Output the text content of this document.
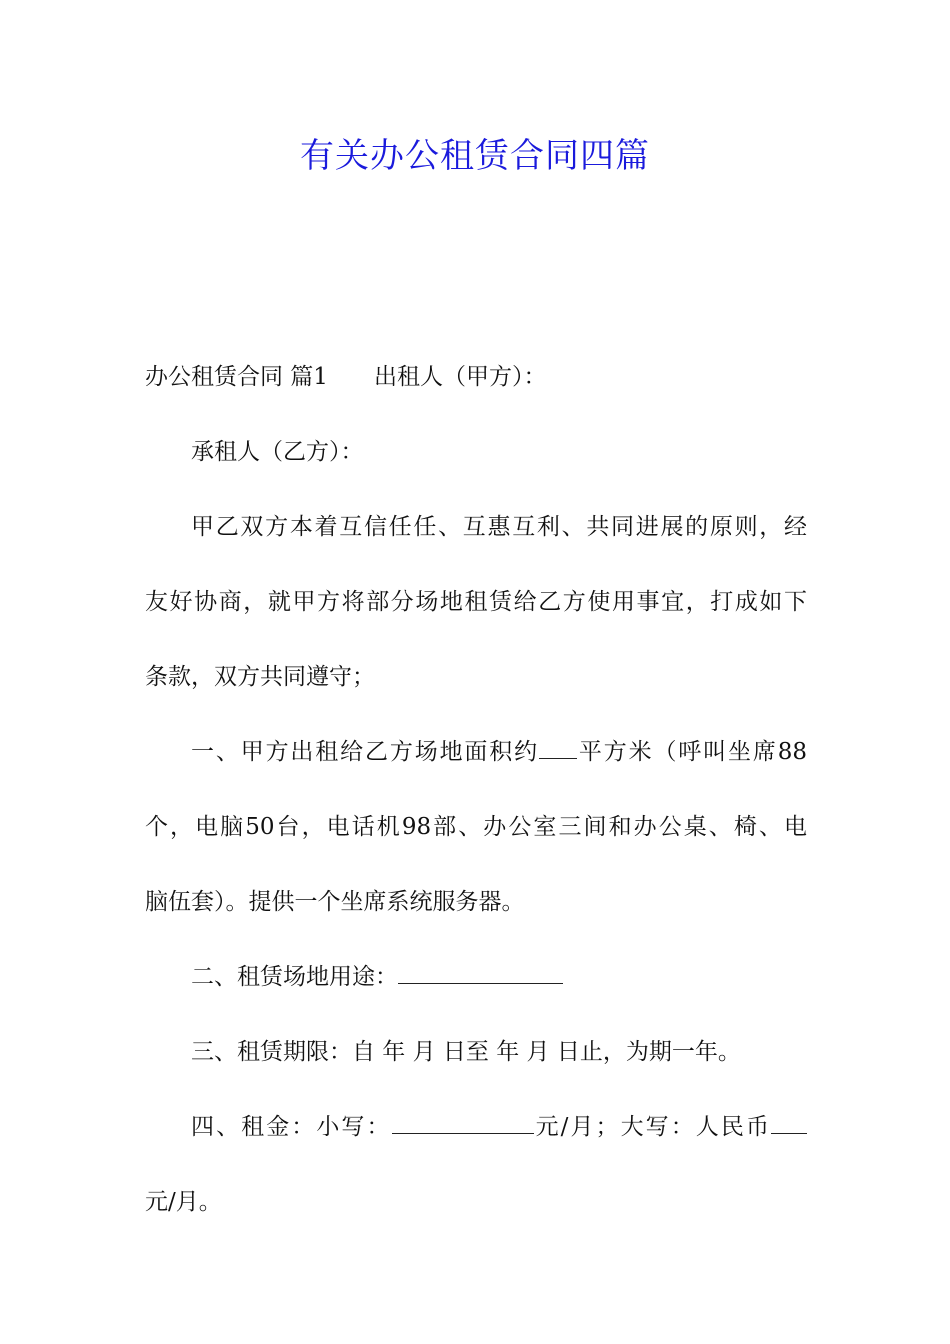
有关办公租赁合同四篇
办公租赁合同 篇1 出租人（甲方）：
承租人（乙方）：
甲乙双方本着互信任任、互惠互利、共同进展的原则，经
友好协商，就甲方将部分场地租赁给乙方使用事宜，打成如下
条款，双方共同遵守；
一、甲方出租给乙方场地面积约 平方米（呼叫坐席88
个，电脑50台，电话机98部、办公室三间和办公桌、椅、电
脑伍套）。提供一个坐席系统服务器。
二、租赁场地用途：
三、租赁期限：自 年 月 日至 年 月 日止，为期一年。
四、租金：小写：	元/月；大写：人民币
元/月。
